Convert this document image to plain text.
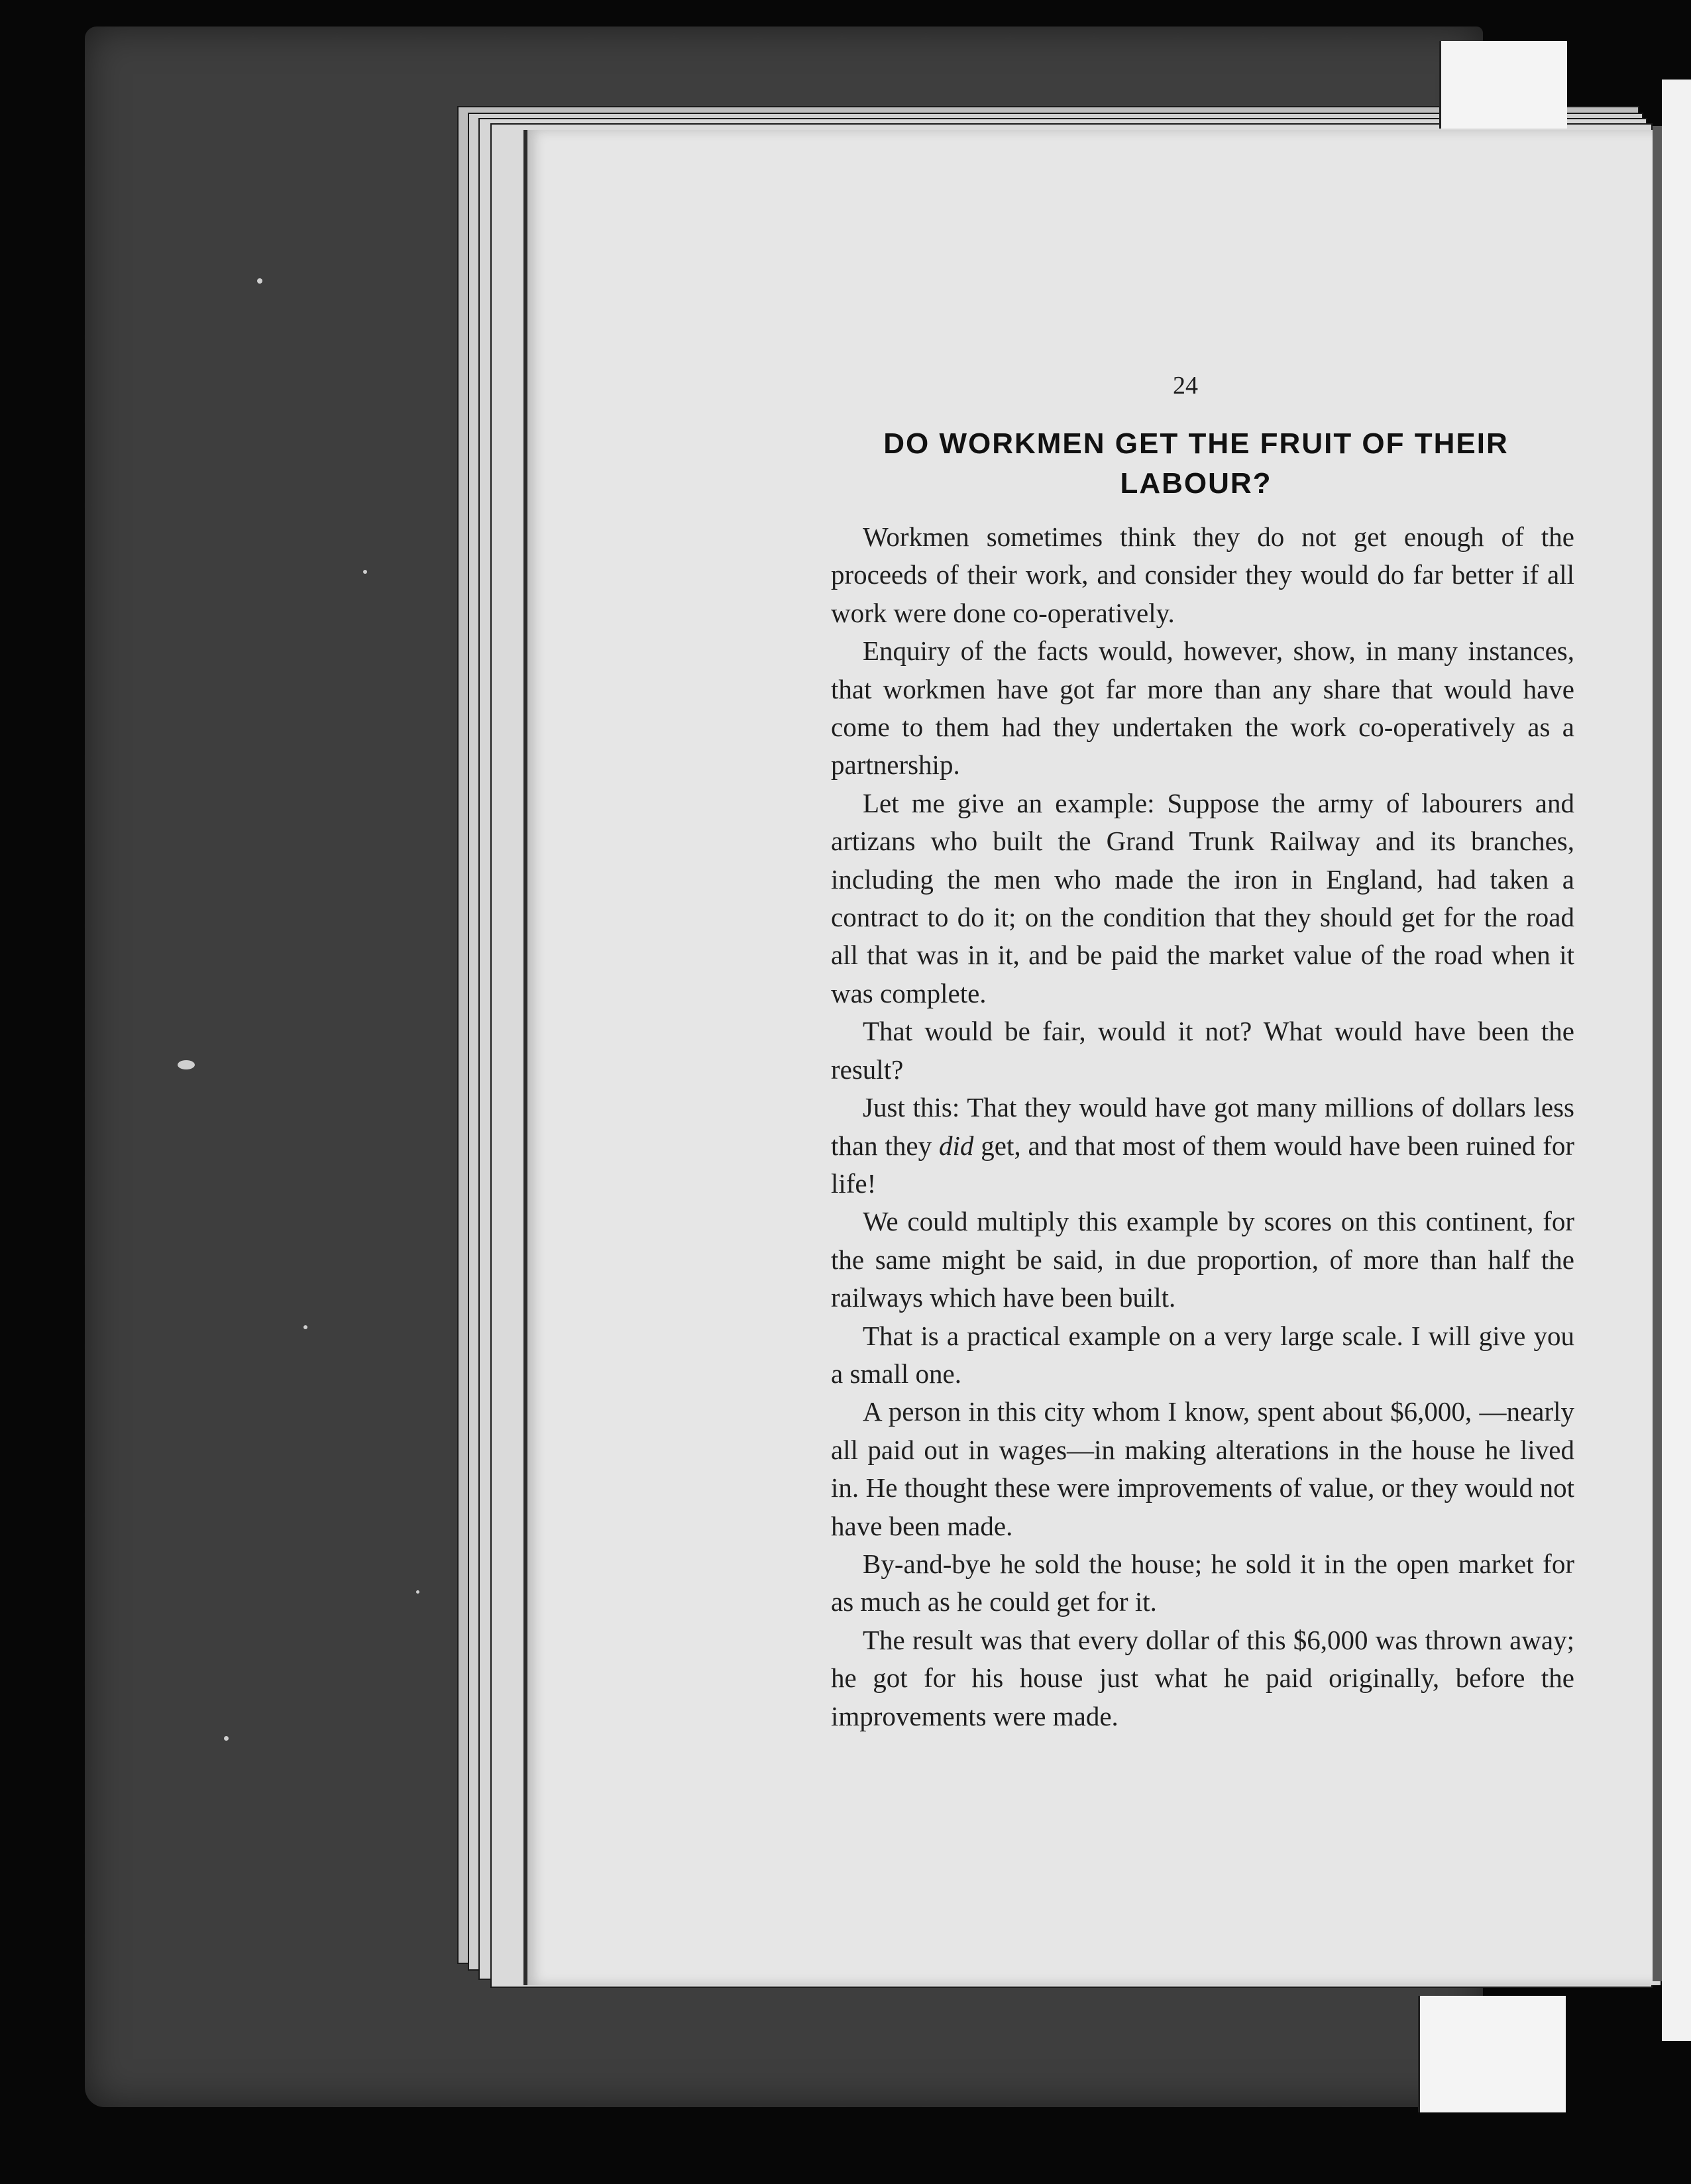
24
DO WORKMEN GET THE FRUIT OF THEIR LABOUR?

Workmen sometimes think they do not get enough of the proceeds of their work, and consider they would do far better if all work were done co-operatively.

Enquiry of the facts would, however, show, in many instances, that workmen have got far more than any share that would have come to them had they undertaken the work co-operatively as a partnership.

Let me give an example: Suppose the army of labourers and artizans who built the Grand Trunk Railway and its branches, including the men who made the iron in England, had taken a contract to do it; on the condition that they should get for the road all that was in it, and be paid the market value of the road when it was complete.

That would be fair, would it not? What would have been the result?

Just this: That they would have got many millions of dollars less than they did get, and that most of them would have been ruined for life!

We could multiply this example by scores on this continent, for the same might be said, in due proportion, of more than half the railways which have been built.

That is a practical example on a very large scale. I will give you a small one.

A person in this city whom I know, spent about $6,000, —nearly all paid out in wages—in making alterations in the house he lived in. He thought these were improvements of value, or they would not have been made.

By-and-bye he sold the house; he sold it in the open market for as much as he could get for it.

The result was that every dollar of this $6,000 was thrown away; he got for his house just what he paid originally, before the improvements were made.
